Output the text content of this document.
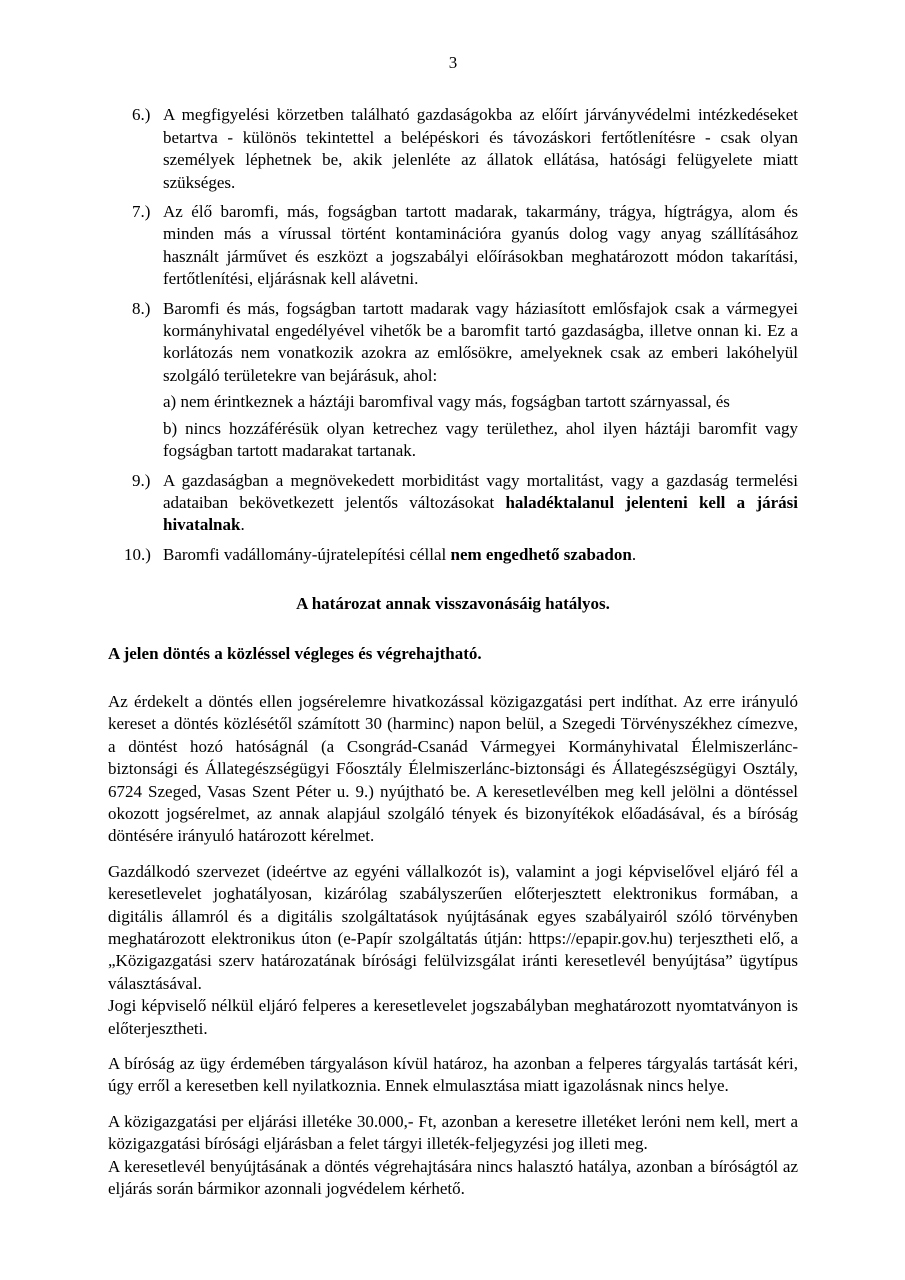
3
6.) A megfigyelési körzetben található gazdaságokba az előírt járványvédelmi intézkedéseket betartva - különös tekintettel a belépéskori és távozáskori fertőtlenítésre - csak olyan személyek léphetnek be, akik jelenléte az állatok ellátása, hatósági felügyelete miatt szükséges.
7.) Az élő baromfi, más, fogságban tartott madarak, takarmány, trágya, hígtrágya, alom és minden más a vírussal történt kontaminációra gyanús dolog vagy anyag szállításához használt járművet és eszközt a jogszabályi előírásokban meghatározott módon takarítási, fertőtlenítési, eljárásnak kell alávetni.
8.) Baromfi és más, fogságban tartott madarak vagy háziasított emlősfajok csak a vármegyei kormányhivatal engedélyével vihetők be a baromfit tartó gazdaságba, illetve onnan ki. Ez a korlátozás nem vonatkozik azokra az emlősökre, amelyeknek csak az emberi lakóhelyül szolgáló területekre van bejárásuk, ahol:
a) nem érintkeznek a háztáji baromfival vagy más, fogságban tartott szárnyassal, és
b) nincs hozzáférésük olyan ketrechez vagy területhez, ahol ilyen háztáji baromfit vagy fogságban tartott madarakat tartanak.
9.) A gazdaságban a megnövekedett morbiditást vagy mortalitást, vagy a gazdaság termelési adataiban bekövetkezett jelentős változásokat haladéktalanul jelenteni kell a járási hivatalnak.
10.) Baromfi vadállomány-újratelepítési céllal nem engedhető szabadon.
A határozat annak visszavonásáig hatályos.
A jelen döntés a közléssel végleges és végrehajtható.
Az érdekelt a döntés ellen jogsérelemre hivatkozással közigazgatási pert indíthat. Az erre irányuló kereset a döntés közlésétől számított 30 (harminc) napon belül, a Szegedi Törvényszékhez címezve, a döntést hozó hatóságnál (a Csongrád-Csanád Vármegyei Kormányhivatal Élelmiszerlánc-biztonsági és Állategészségügyi Főosztály Élelmiszerlánc-biztonsági és Állategészségügyi Osztály, 6724 Szeged, Vasas Szent Péter u. 9.) nyújtható be. A keresetlevélben meg kell jelölni a döntéssel okozott jogsérelmet, az annak alapjául szolgáló tények és bizonyítékok előadásával, és a bíróság döntésére irányuló határozott kérelmet.
Gazdálkodó szervezet (ideértve az egyéni vállalkozót is), valamint a jogi képviselővel eljáró fél a keresetlevelet joghatályosan, kizárólag szabályszerűen előterjesztett elektronikus formában, a digitális államról és a digitális szolgáltatások nyújtásának egyes szabályairól szóló törvényben meghatározott elektronikus úton (e-Papír szolgáltatás útján: https://epapir.gov.hu) terjesztheti elő, a „Közigazgatási szerv határozatának bírósági felülvizsgálat iránti keresetlevél benyújtása” ügytípus választásával.
Jogi képviselő nélkül eljáró felperes a keresetlevelet jogszabályban meghatározott nyomtatványon is előterjesztheti.
A bíróság az ügy érdemében tárgyaláson kívül határoz, ha azonban a felperes tárgyalás tartását kéri, úgy erről a keresetben kell nyilatkoznia. Ennek elmulasztása miatt igazolásnak nincs helye.
A közigazgatási per eljárási illetéke 30.000,- Ft, azonban a keresetre illetéket leróni nem kell, mert a közigazgatási bírósági eljárásban a felet tárgyi illeték-feljegyzési jog illeti meg.
A keresetlevél benyújtásának a döntés végrehajtására nincs halasztó hatálya, azonban a bíróságtól az eljárás során bármikor azonnali jogvédelem kérhető.
